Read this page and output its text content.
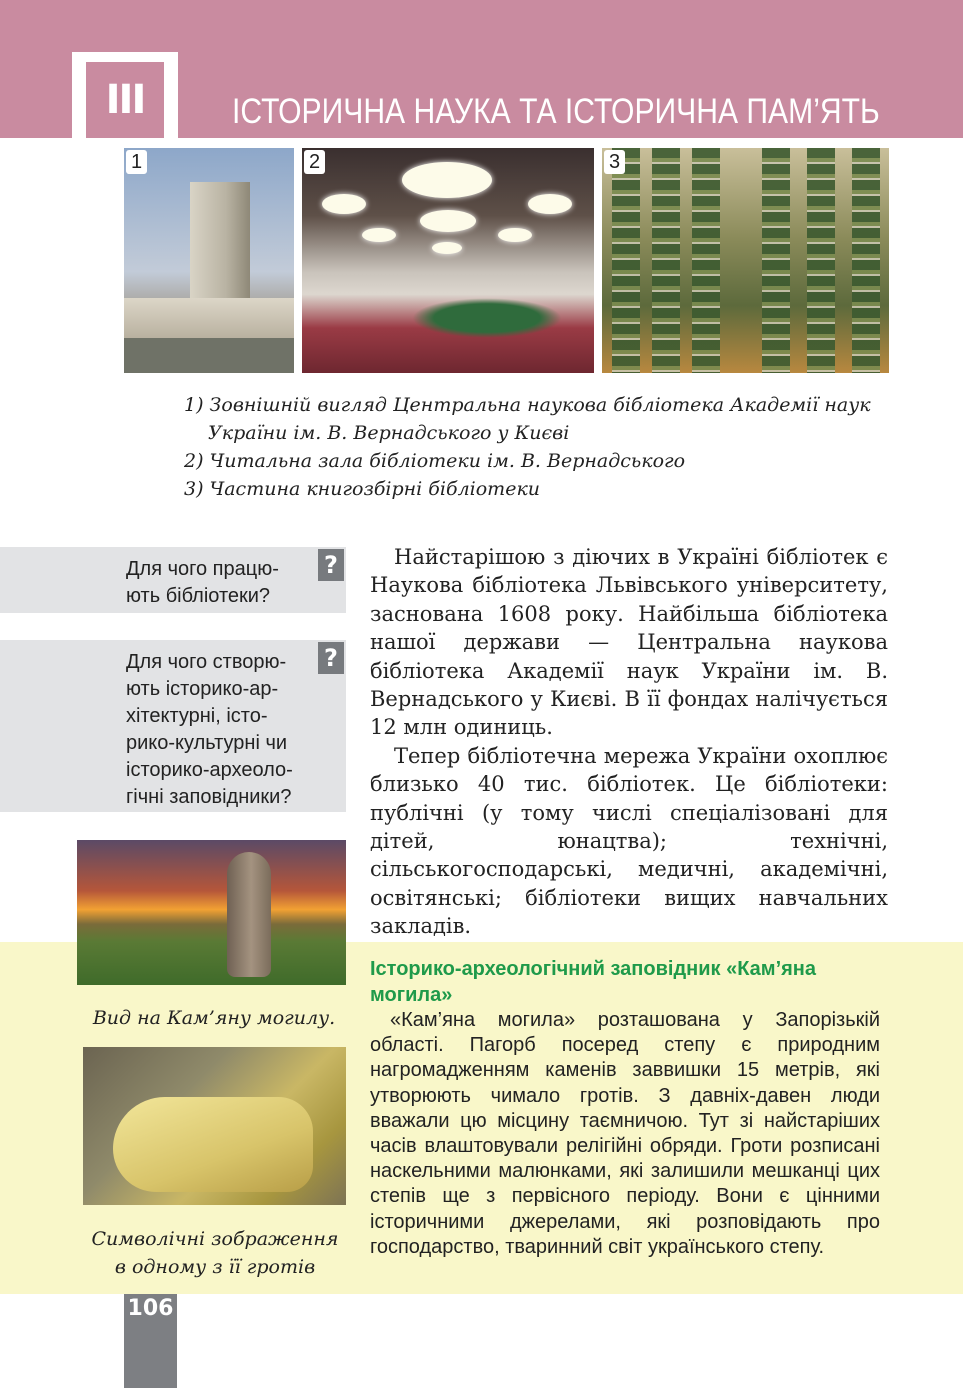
III	ІСТОРИЧНА НАУКА ТА ІСТОРИЧНА ПАМ’ЯТЬ
1	2	3
1) Зовнішній вигляд Центральна наукова бібліотека Академії наук
України ім. В. Вернадського у Києві
2) Читальна зала бібліотеки ім. В. Вернадського
3) Частина книгозбірні бібліотеки
Для чого працю-
ють бібліотеки?
?
Для чого створю-
ють історико-ар-
хітектурні, істо-
рико-культурні чи
історико-археоло-
гічні заповідники?
?

Найстарішою з діючих в Україні бібліотек є Наукова бібліотека Львівського університету, заснована 1608 року. Найбільша бібліотека нашої держави — Центральна наукова бібліотека Академії наук України ім. В. Вернадського у Києві. В її фондах налічується 12 млн одиниць.

Тепер бібліотечна мережа України охоплює близько 40 тис. бібліотек. Це бібліотеки: публічні (у тому числі спеціалізовані для дітей, юнацтва); технічні, сільськогосподарські, медичні, академічні, освітянські; бібліотеки вищих навчальних закладів.

Вид на Кам’яну могилу.
Символічні зображення
в одному з її гротів
Історико-археологічний заповідник «Кам’яна
могила»

«Кам’яна могила» розташована у Запорізькій області. Пагорб посеред степу є природним нагромадженням каменів заввишки 15 метрів, які утворюють чимало гротів. З давніх-давен люди вважали цю місцину таємничою. Тут зі найстаріших часів влаштовували релігійні обряди. Гроти розписані наскельними малюнками, які залишили мешканці цих степів ще з первісного періоду. Вони є цінними історичними джерелами, які розповідають про господарство, тваринний світ українського степу.

106
